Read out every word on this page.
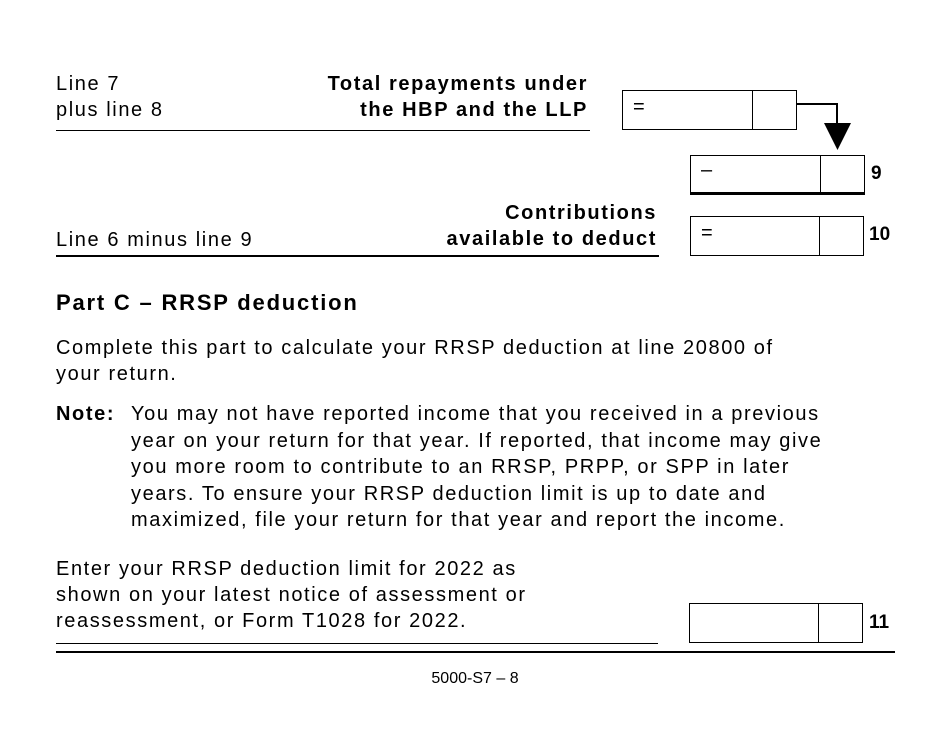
Line 7
plus line 8
Total repayments under
the HBP and the LLP =
–	9
Line 6 minus line 9
Contributions
available to deduct =	10
Part C – RRSP deduction
Complete this part to calculate your RRSP deduction at line 20800 of
your return.
Note: You may not have reported income that you received in a previous
year on your return for that year. If reported, that income may give
you more room to contribute to an RRSP, PRPP, or SPP in later
years. To ensure your RRSP deduction limit is up to date and
maximized, file your return for that year and report the income.
Enter your RRSP deduction limit for 2022 as
shown on your latest notice of assessment or
reassessment, or Form T1028 for 2022.	11
5000-S7 – 8
